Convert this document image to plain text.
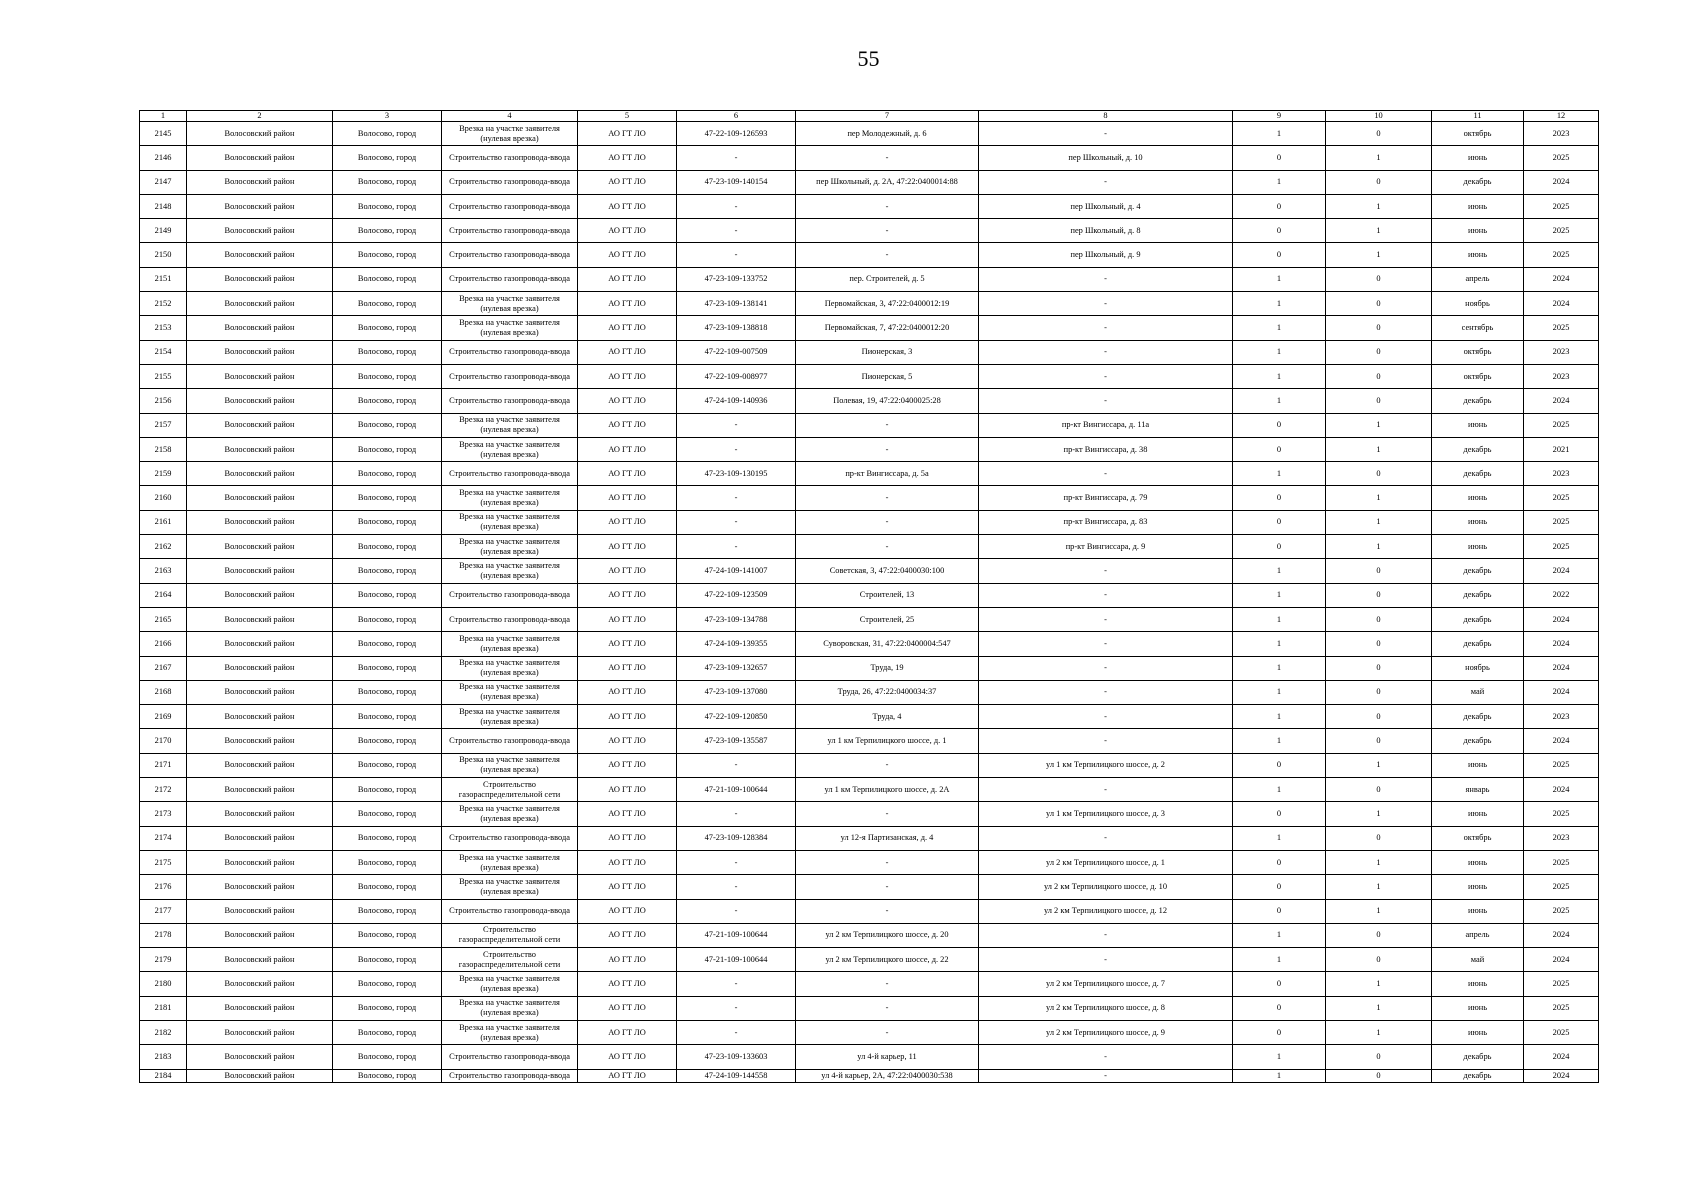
55
1	2	3	4	5	6	7	8	9	10	11	12
2145	Волосовский район	Волосово, город	Врезка на участке заявителя (нулевая врезка)	АО ГТ ЛО	47-22-109-126593	пер Молодежный, д. 6	-	1	0	октябрь	2023
2146	Волосовский район	Волосово, город	Строительство газопровода-ввода	АО ГТ ЛО	-	-	пер Школьный, д. 10	0	1	июнь	2025
2147	Волосовский район	Волосово, город	Строительство газопровода-ввода	АО ГТ ЛО	47-23-109-140154	пер Школьный, д. 2А, 47:22:0400014:88	-	1	0	декабрь	2024
2148	Волосовский район	Волосово, город	Строительство газопровода-ввода	АО ГТ ЛО	-	-	пер Школьный, д. 4	0	1	июнь	2025
2149	Волосовский район	Волосово, город	Строительство газопровода-ввода	АО ГТ ЛО	-	-	пер Школьный, д. 8	0	1	июнь	2025
2150	Волосовский район	Волосово, город	Строительство газопровода-ввода	АО ГТ ЛО	-	-	пер Школьный, д. 9	0	1	июнь	2025
2151	Волосовский район	Волосово, город	Строительство газопровода-ввода	АО ГТ ЛО	47-23-109-133752	пер. Строителей, д. 5	-	1	0	апрель	2024
2152	Волосовский район	Волосово, город	Врезка на участке заявителя (нулевая врезка)	АО ГТ ЛО	47-23-109-138141	Первомайская, 3, 47:22:0400012:19	-	1	0	ноябрь	2024
2153	Волосовский район	Волосово, город	Врезка на участке заявителя (нулевая врезка)	АО ГТ ЛО	47-23-109-138818	Первомайская, 7, 47:22:0400012:20	-	1	0	сентябрь	2025
2154	Волосовский район	Волосово, город	Строительство газопровода-ввода	АО ГТ ЛО	47-22-109-007509	Пионерская, 3	-	1	0	октябрь	2023
2155	Волосовский район	Волосово, город	Строительство газопровода-ввода	АО ГТ ЛО	47-22-109-008977	Пионерская, 5	-	1	0	октябрь	2023
2156	Волосовский район	Волосово, город	Строительство газопровода-ввода	АО ГТ ЛО	47-24-109-140936	Полевая, 19, 47:22:0400025:28	-	1	0	декабрь	2024
2157	Волосовский район	Волосово, город	Врезка на участке заявителя (нулевая врезка)	АО ГТ ЛО	-	-	пр-кт Вингиссара, д. 11а	0	1	июнь	2025
2158	Волосовский район	Волосово, город	Врезка на участке заявителя (нулевая врезка)	АО ГТ ЛО	-	-	пр-кт Вингиссара, д. 38	0	1	декабрь	2021
2159	Волосовский район	Волосово, город	Строительство газопровода-ввода	АО ГТ ЛО	47-23-109-130195	пр-кт Вингиссара, д. 5а	-	1	0	декабрь	2023
2160	Волосовский район	Волосово, город	Врезка на участке заявителя (нулевая врезка)	АО ГТ ЛО	-	-	пр-кт Вингиссара, д. 79	0	1	июнь	2025
2161	Волосовский район	Волосово, город	Врезка на участке заявителя (нулевая врезка)	АО ГТ ЛО	-	-	пр-кт Вингиссара, д. 83	0	1	июнь	2025
2162	Волосовский район	Волосово, город	Врезка на участке заявителя (нулевая врезка)	АО ГТ ЛО	-	-	пр-кт Вингиссара, д. 9	0	1	июнь	2025
2163	Волосовский район	Волосово, город	Врезка на участке заявителя (нулевая врезка)	АО ГТ ЛО	47-24-109-141007	Советская, 3, 47:22:0400030:100	-	1	0	декабрь	2024
2164	Волосовский район	Волосово, город	Строительство газопровода-ввода	АО ГТ ЛО	47-22-109-123509	Строителей, 13	-	1	0	декабрь	2022
2165	Волосовский район	Волосово, город	Строительство газопровода-ввода	АО ГТ ЛО	47-23-109-134788	Строителей, 25	-	1	0	декабрь	2024
2166	Волосовский район	Волосово, город	Врезка на участке заявителя (нулевая врезка)	АО ГТ ЛО	47-24-109-139355	Суворовская, 31, 47:22:0400004:547	-	1	0	декабрь	2024
2167	Волосовский район	Волосово, город	Врезка на участке заявителя (нулевая врезка)	АО ГТ ЛО	47-23-109-132657	Труда, 19	-	1	0	ноябрь	2024
2168	Волосовский район	Волосово, город	Врезка на участке заявителя (нулевая врезка)	АО ГТ ЛО	47-23-109-137080	Труда, 26, 47:22:0400034:37	-	1	0	май	2024
2169	Волосовский район	Волосово, город	Врезка на участке заявителя (нулевая врезка)	АО ГТ ЛО	47-22-109-120850	Труда, 4	-	1	0	декабрь	2023
2170	Волосовский район	Волосово, город	Строительство газопровода-ввода	АО ГТ ЛО	47-23-109-135587	ул 1 км Терпилицкого шоссе, д. 1	-	1	0	декабрь	2024
2171	Волосовский район	Волосово, город	Врезка на участке заявителя (нулевая врезка)	АО ГТ ЛО	-	-	ул 1 км Терпилицкого шоссе, д. 2	0	1	июнь	2025
2172	Волосовский район	Волосово, город	Строительство газораспределительной сети	АО ГТ ЛО	47-21-109-100644	ул 1 км Терпилицкого шоссе, д. 2А	-	1	0	январь	2024
2173	Волосовский район	Волосово, город	Врезка на участке заявителя (нулевая врезка)	АО ГТ ЛО	-	-	ул 1 км Терпилицкого шоссе, д. 3	0	1	июнь	2025
2174	Волосовский район	Волосово, город	Строительство газопровода-ввода	АО ГТ ЛО	47-23-109-128384	ул 12-я Партизанская, д. 4	-	1	0	октябрь	2023
2175	Волосовский район	Волосово, город	Врезка на участке заявителя (нулевая врезка)	АО ГТ ЛО	-	-	ул 2 км Терпилицкого шоссе, д. 1	0	1	июнь	2025
2176	Волосовский район	Волосово, город	Врезка на участке заявителя (нулевая врезка)	АО ГТ ЛО	-	-	ул 2 км Терпилицкого шоссе, д. 10	0	1	июнь	2025
2177	Волосовский район	Волосово, город	Строительство газопровода-ввода	АО ГТ ЛО	-	-	ул 2 км Терпилицкого шоссе, д. 12	0	1	июнь	2025
2178	Волосовский район	Волосово, город	Строительство газораспределительной сети	АО ГТ ЛО	47-21-109-100644	ул 2 км Терпилицкого шоссе, д. 20	-	1	0	апрель	2024
2179	Волосовский район	Волосово, город	Строительство газораспределительной сети	АО ГТ ЛО	47-21-109-100644	ул 2 км Терпилицкого шоссе, д. 22	-	1	0	май	2024
2180	Волосовский район	Волосово, город	Врезка на участке заявителя (нулевая врезка)	АО ГТ ЛО	-	-	ул 2 км Терпилицкого шоссе, д. 7	0	1	июнь	2025
2181	Волосовский район	Волосово, город	Врезка на участке заявителя (нулевая врезка)	АО ГТ ЛО	-	-	ул 2 км Терпилицкого шоссе, д. 8	0	1	июнь	2025
2182	Волосовский район	Волосово, город	Врезка на участке заявителя (нулевая врезка)	АО ГТ ЛО	-	-	ул 2 км Терпилицкого шоссе, д. 9	0	1	июнь	2025
2183	Волосовский район	Волосово, город	Строительство газопровода-ввода	АО ГТ ЛО	47-23-109-133603	ул 4-й карьер, 11	-	1	0	декабрь	2024
2184	Волосовский район	Волосово, город	Строительство газопровода-ввода	АО ГТ ЛО	47-24-109-144558	ул 4-й карьер, 2А, 47:22:0400030:538	-	1	0	декабрь	2024
